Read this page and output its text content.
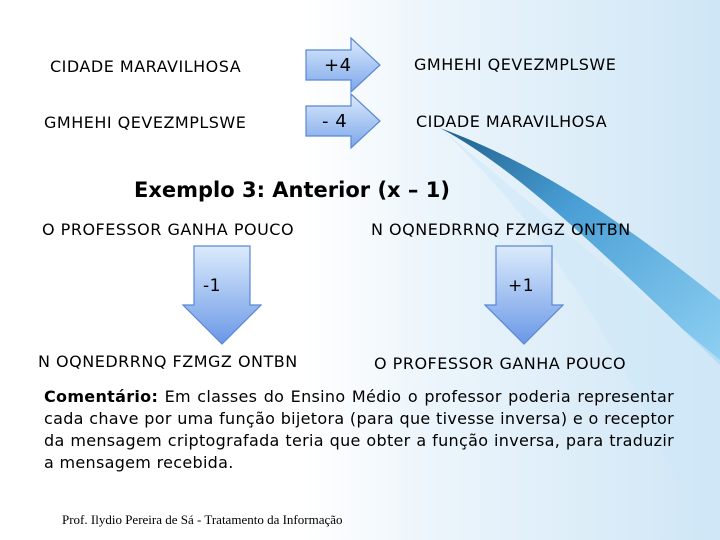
CIDADE MARAVILHOSA	+4	GMHEHI QEVEZMPLSWE
GMHEHI QEVEZMPLSWE	- 4	CIDADE MARAVILHOSA
Exemplo 3: Anterior (x – 1)
O PROFESSOR GANHA POUCO
-1
N OQNEDRRNQ FZMGZ ONTBN
N OQNEDRRNQ FZMGZ ONTBN
+1
O PROFESSOR GANHA POUCO
Comentário: Em classes do Ensino Médio o professor poderia representar cada chave por uma função bijetora (para que tivesse inversa) e o receptor da mensagem criptografada teria que obter a função inversa, para traduzir a mensagem recebida.
Prof. Ilydio Pereira de Sá - Tratamento da Informação
